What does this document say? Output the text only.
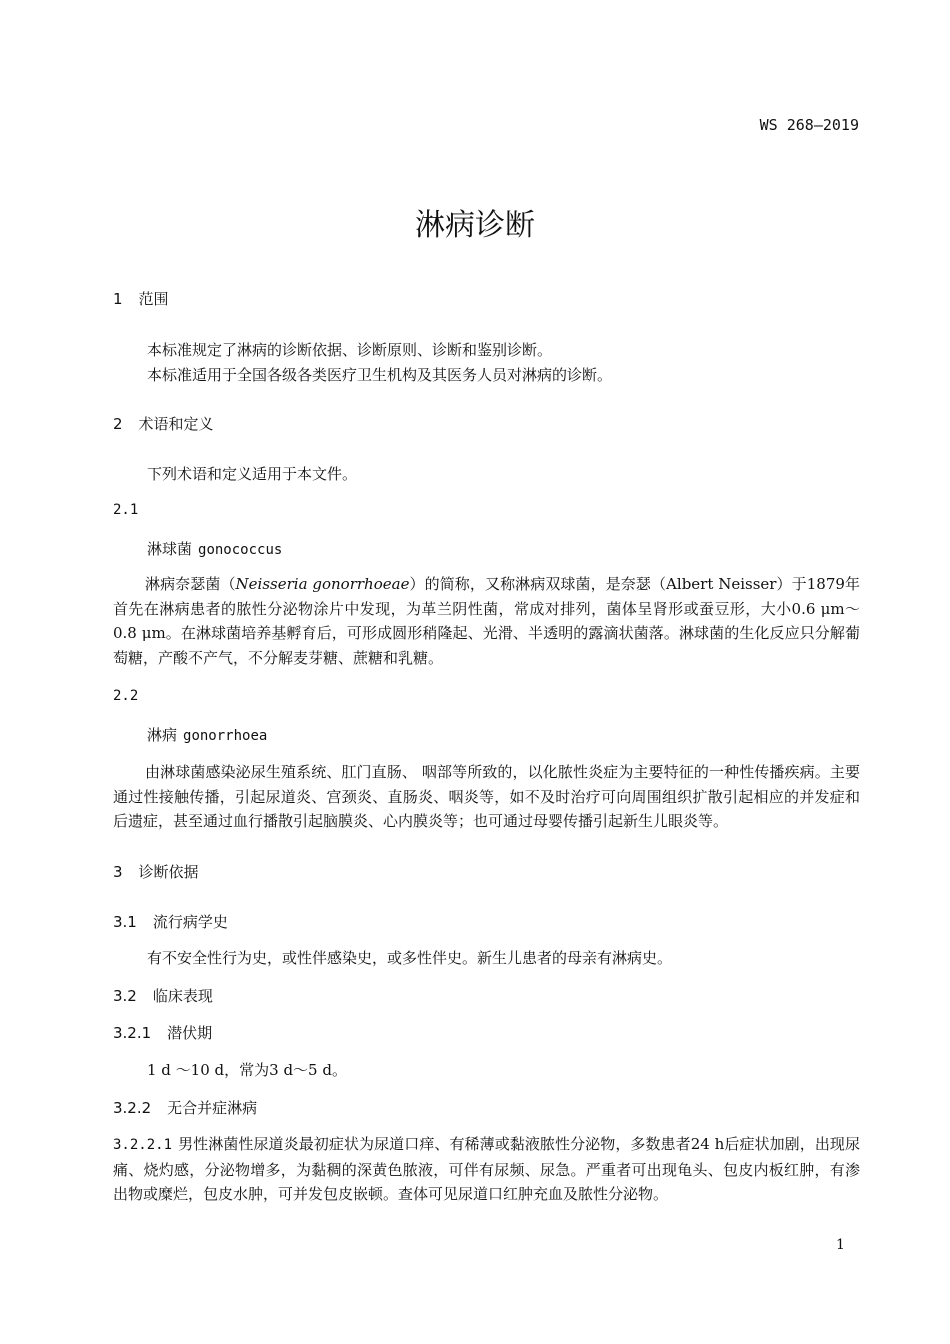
WS 268—2019
淋病诊断
1 范围
本标准规定了淋病的诊断依据、诊断原则、诊断和鉴别诊断。
本标准适用于全国各级各类医疗卫生机构及其医务人员对淋病的诊断。
2 术语和定义
下列术语和定义适用于本文件。
2.1
淋球菌 gonococcus
淋病奈瑟菌（Neisseria gonorrhoeae）的简称，又称淋病双球菌，是奈瑟（Albert Neisser）于1879年首先在淋病患者的脓性分泌物涂片中发现，为革兰阴性菌，常成对排列，菌体呈肾形或蚕豆形，大小0.6 μm～0.8 μm。在淋球菌培养基孵育后，可形成圆形稍隆起、光滑、半透明的露滴状菌落。淋球菌的生化反应只分解葡萄糖，产酸不产气，不分解麦芽糖、蔗糖和乳糖。
2.2
淋病 gonorrhoea
由淋球菌感染泌尿生殖系统、肛门直肠、 咽部等所致的，以化脓性炎症为主要特征的一种性传播疾病。主要通过性接触传播，引起尿道炎、宫颈炎、直肠炎、咽炎等，如不及时治疗可向周围组织扩散引起相应的并发症和后遗症，甚至通过血行播散引起脑膜炎、心内膜炎等；也可通过母婴传播引起新生儿眼炎等。
3 诊断依据
3.1 流行病学史
有不安全性行为史，或性伴感染史，或多性伴史。新生儿患者的母亲有淋病史。
3.2 临床表现
3.2.1 潜伏期
1 d ～10 d，常为3 d～5 d。
3.2.2 无合并症淋病
3.2.2.1 男性淋菌性尿道炎最初症状为尿道口痒、有稀薄或黏液脓性分泌物，多数患者24 h后症状加剧，出现尿痛、烧灼感，分泌物增多，为黏稠的深黄色脓液，可伴有尿频、尿急。严重者可出现龟头、包皮内板红肿，有渗出物或糜烂，包皮水肿，可并发包皮嵌顿。查体可见尿道口红肿充血及脓性分泌物。
1
